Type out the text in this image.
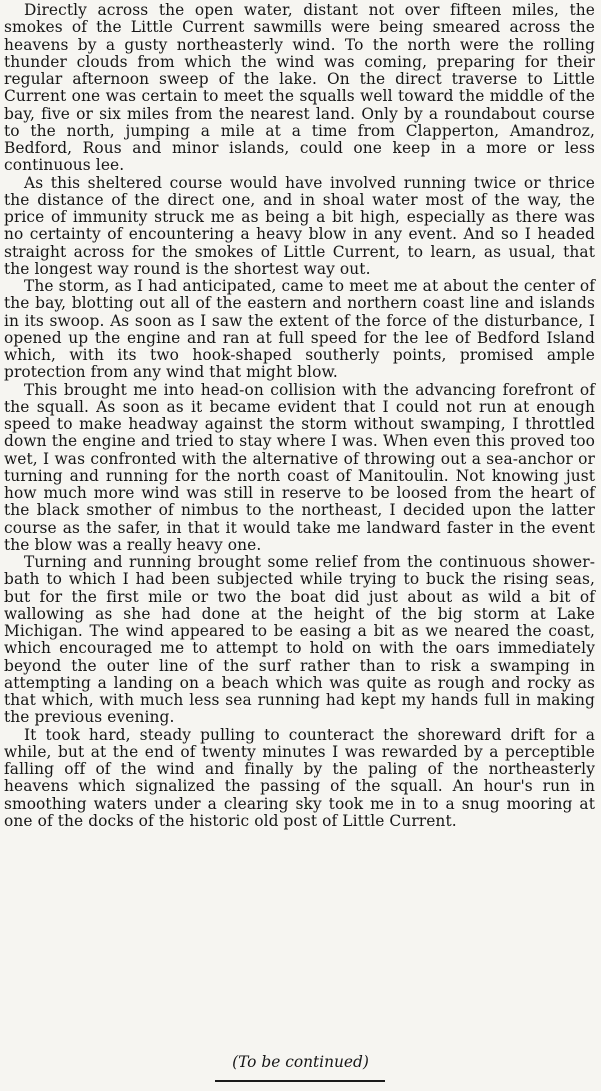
Directly across the open water, distant not over fifteen miles, the smokes of the Little Current sawmills were being smeared across the heavens by a gusty northeasterly wind. To the north were the rolling thunder clouds from which the wind was coming, preparing for their regular afternoon sweep of the lake. On the direct traverse to Little Current one was certain to meet the squalls well toward the middle of the bay, five or six miles from the nearest land. Only by a roundabout course to the north, jumping a mile at a time from Clapperton, Amandroz, Bedford, Rous and minor islands, could one keep in a more or less continuous lee.

As this sheltered course would have involved running twice or thrice the distance of the direct one, and in shoal water most of the way, the price of immunity struck me as being a bit high, especially as there was no certainty of encountering a heavy blow in any event. And so I headed straight across for the smokes of Little Current, to learn, as usual, that the longest way round is the shortest way out.

The storm, as I had anticipated, came to meet me at about the center of the bay, blotting out all of the eastern and northern coast line and islands in its swoop. As soon as I saw the extent of the force of the disturbance, I opened up the engine and ran at full speed for the lee of Bedford Island which, with its two hook-shaped southerly points, promised ample protection from any wind that might blow.

This brought me into head-on collision with the advancing forefront of the squall. As soon as it became evident that I could not run at enough speed to make headway against the storm without swamping, I throttled down the engine and tried to stay where I was. When even this proved too wet, I was confronted with the alternative of throwing out a sea-anchor or turning and running for the north coast of Manitoulin. Not knowing just how much more wind was still in reserve to be loosed from the heart of the black smother of nimbus to the northeast, I decided upon the latter course as the safer, in that it would take me landward faster in the event the blow was a really heavy one.

Turning and running brought some relief from the continuous shower-bath to which I had been subjected while trying to buck the rising seas, but for the first mile or two the boat did just about as wild a bit of wallowing as she had done at the height of the big storm at Lake Michigan. The wind appeared to be easing a bit as we neared the coast, which encouraged me to attempt to hold on with the oars immediately beyond the outer line of the surf rather than to risk a swamping in attempting a landing on a beach which was quite as rough and rocky as that which, with much less sea running had kept my hands full in making the previous evening.

It took hard, steady pulling to counteract the shoreward drift for a while, but at the end of twenty minutes I was rewarded by a perceptible falling off of the wind and finally by the paling of the northeasterly heavens which signalized the passing of the squall. An hour's run in smoothing waters under a clearing sky took me in to a snug mooring at one of the docks of the historic old post of Little Current.

(To be continued)
